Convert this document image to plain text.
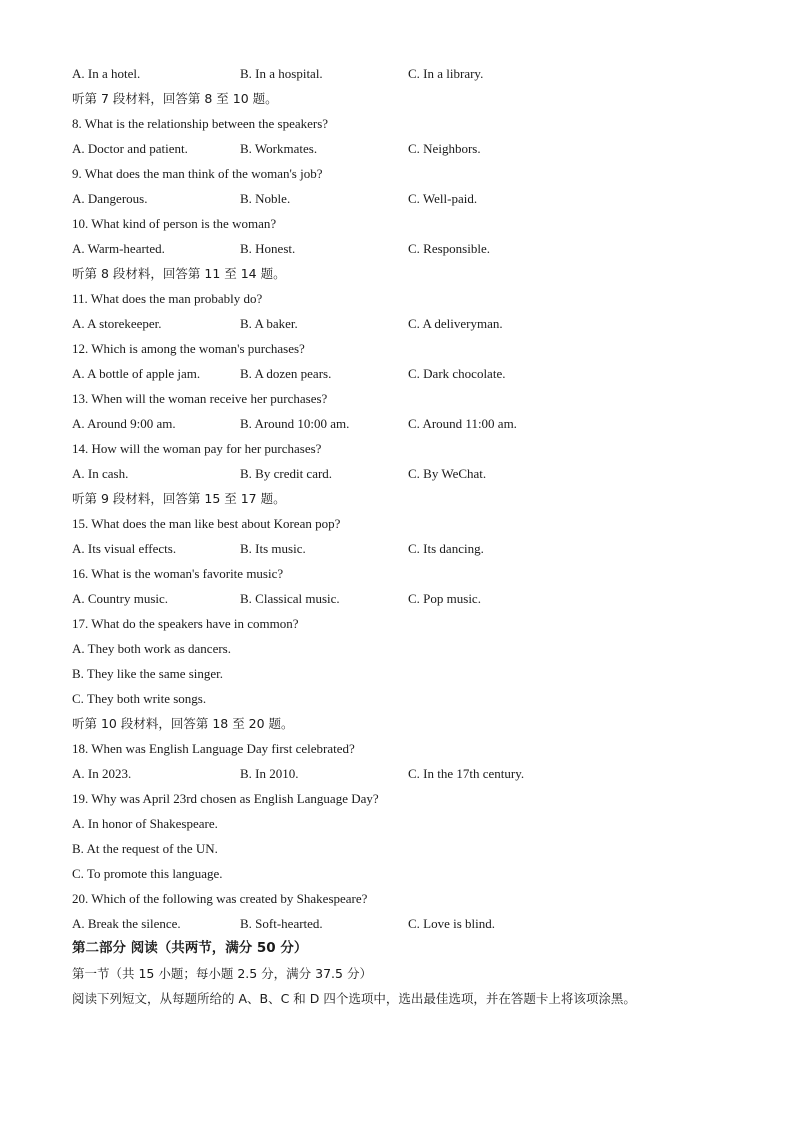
A. In a hotel.	B. In a hospital.	C. In a library.
听第 7 段材料，回答第 8 至 10 题。
8. What is the relationship between the speakers?
A. Doctor and patient.	B. Workmates.	C. Neighbors.
9. What does the man think of the woman's job?
A. Dangerous.	B. Noble.	C. Well-paid.
10. What kind of person is the woman?
A. Warm-hearted.	B. Honest.	C. Responsible.
听第 8 段材料，回答第 11 至 14 题。
11. What does the man probably do?
A. A storekeeper.	B. A baker.	C. A deliveryman.
12. Which is among the woman's purchases?
A. A bottle of apple jam.	B. A dozen pears.	C. Dark chocolate.
13. When will the woman receive her purchases?
A. Around 9:00 am.	B. Around 10:00 am.	C. Around 11:00 am.
14. How will the woman pay for her purchases?
A. In cash.	B. By credit card.	C. By WeChat.
听第 9 段材料，回答第 15 至 17 题。
15. What does the man like best about Korean pop?
A. Its visual effects.	B. Its music.	C. Its dancing.
16. What is the woman's favorite music?
A. Country music.	B. Classical music.	C. Pop music.
17. What do the speakers have in common?
A. They both work as dancers.
B. They like the same singer.
C. They both write songs.
听第 10 段材料，回答第 18 至 20 题。
18. When was English Language Day first celebrated?
A. In 2023.	B. In 2010.	C. In the 17th century.
19. Why was April 23rd chosen as English Language Day?
A. In honor of Shakespeare.
B. At the request of the UN.
C. To promote this language.
20. Which of the following was created by Shakespeare?
A. Break the silence.	B. Soft-hearted.	C. Love is blind.
第二部分 阅读（共两节，满分 50 分）
第一节（共 15 小题；每小题 2.5 分，满分 37.5 分）
阅读下列短文，从每题所给的 A、B、C 和 D 四个选项中，选出最佳选项，并在答题卡上将该项涂黑。
